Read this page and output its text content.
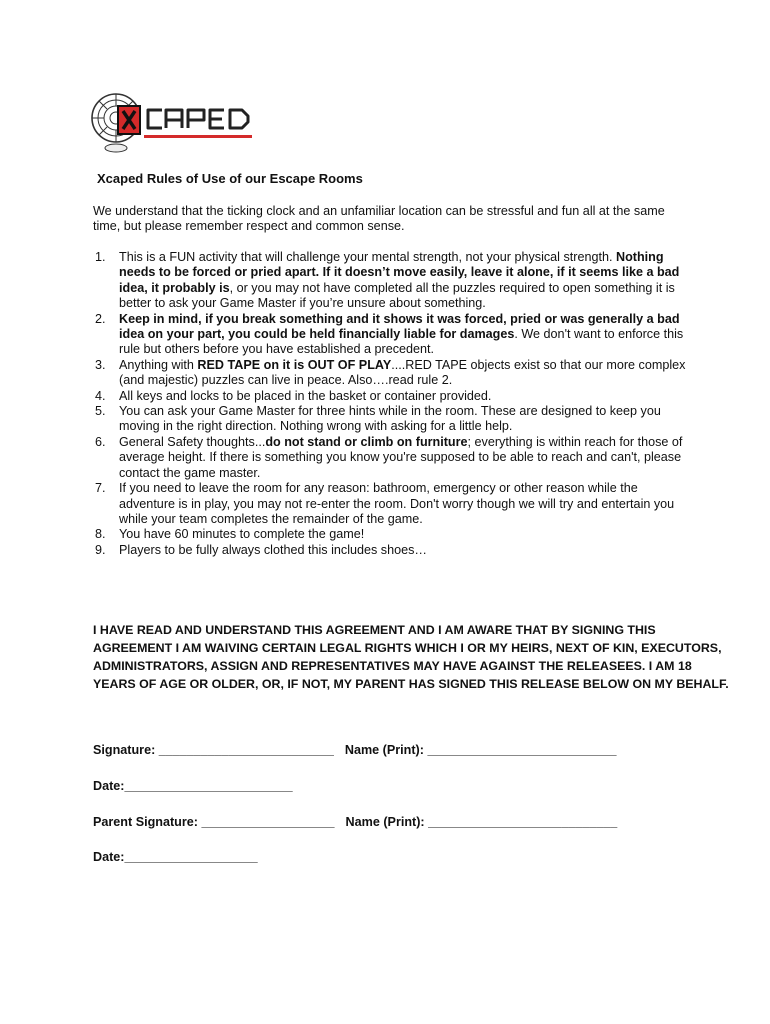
Xcaped Rules of Use of our Escape Rooms
We understand that the ticking clock and an unfamiliar location can be stressful and fun all at the same time, but please remember respect and common sense.
1. This is a FUN activity that will challenge your mental strength, not your physical strength. Nothing needs to be forced or pried apart. If it doesn’t move easily, leave it alone, if it seems like a bad idea, it probably is, or you may not have completed all the puzzles required to open something it is better to ask your Game Master if you’re unsure about something.
2. Keep in mind, if you break something and it shows it was forced, pried or was generally a bad idea on your part, you could be held financially liable for damages. We don't want to enforce this rule but others before you have established a precedent.
3. Anything with RED TAPE on it is OUT OF PLAY....RED TAPE objects exist so that our more complex (and majestic) puzzles can live in peace. Also….read rule 2.
4. All keys and locks to be placed in the basket or container provided.
5. You can ask your Game Master for three hints while in the room. These are designed to keep you moving in the right direction. Nothing wrong with asking for a little help.
6. General Safety thoughts...do not stand or climb on furniture; everything is within reach for those of average height. If there is something you know you're supposed to be able to reach and can't, please contact the game master.
7. If you need to leave the room for any reason: bathroom, emergency or other reason while the adventure is in play, you may not re-enter the room. Don't worry though we will try and entertain you while your team completes the remainder of the game.
8. You have 60 minutes to complete the game!
9. Players to be fully always clothed this includes shoes…
I HAVE READ AND UNDERSTAND THIS AGREEMENT AND I AM AWARE THAT BY SIGNING THIS AGREEMENT I AM WAIVING CERTAIN LEGAL RIGHTS WHICH I OR MY HEIRS, NEXT OF KIN, EXECUTORS, ADMINISTRATORS, ASSIGN AND REPRESENTATIVES MAY HAVE AGAINST THE RELEASEES. I AM 18 YEARS OF AGE OR OLDER, OR, IF NOT, MY PARENT HAS SIGNED THIS RELEASE BELOW ON MY BEHALF.
Signature: _________________________ Name (Print): ___________________________
Date:________________________
Parent Signature: ___________________ Name (Print): ___________________________
Date:___________________
